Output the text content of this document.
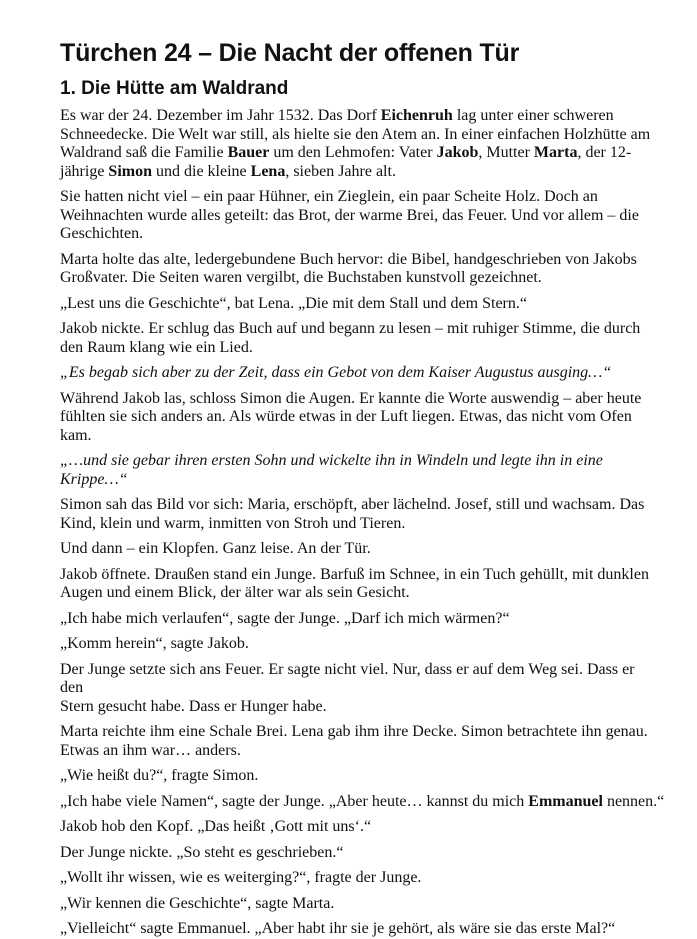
Türchen 24 – Die Nacht der offenen Tür
1. Die Hütte am Waldrand

Es war der 24. Dezember im Jahr 1532. Das Dorf Eichenruh lag unter einer schweren
Schneedecke. Die Welt war still, als hielte sie den Atem an. In einer einfachen Holzhütte am
Waldrand saß die Familie Bauer um den Lehmofen: Vater Jakob, Mutter Marta, der 12-
jährige Simon und die kleine Lena, sieben Jahre alt.

Sie hatten nicht viel – ein paar Hühner, ein Zieglein, ein paar Scheite Holz. Doch an
Weihnachten wurde alles geteilt: das Brot, der warme Brei, das Feuer. Und vor allem – die
Geschichten.

Marta holte das alte, ledergebundene Buch hervor: die Bibel, handgeschrieben von Jakobs
Großvater. Die Seiten waren vergilbt, die Buchstaben kunstvoll gezeichnet.

„Lest uns die Geschichte“, bat Lena. „Die mit dem Stall und dem Stern.“

Jakob nickte. Er schlug das Buch auf und begann zu lesen – mit ruhiger Stimme, die durch
den Raum klang wie ein Lied.

„Es begab sich aber zu der Zeit, dass ein Gebot von dem Kaiser Augustus ausging…“

Während Jakob las, schloss Simon die Augen. Er kannte die Worte auswendig – aber heute
fühlten sie sich anders an. Als würde etwas in der Luft liegen. Etwas, das nicht vom Ofen
kam.

„…und sie gebar ihren ersten Sohn und wickelte ihn in Windeln und legte ihn in eine
Krippe…“

Simon sah das Bild vor sich: Maria, erschöpft, aber lächelnd. Josef, still und wachsam. Das
Kind, klein und warm, inmitten von Stroh und Tieren.

Und dann – ein Klopfen. Ganz leise. An der Tür.

Jakob öffnete. Draußen stand ein Junge. Barfuß im Schnee, in ein Tuch gehüllt, mit dunklen
Augen und einem Blick, der älter war als sein Gesicht.

„Ich habe mich verlaufen“, sagte der Junge. „Darf ich mich wärmen?“

„Komm herein“, sagte Jakob.

Der Junge setzte sich ans Feuer. Er sagte nicht viel. Nur, dass er auf dem Weg sei. Dass er den
Stern gesucht habe. Dass er Hunger habe.

Marta reichte ihm eine Schale Brei. Lena gab ihm ihre Decke. Simon betrachtete ihn genau.
Etwas an ihm war… anders.

„Wie heißt du?“, fragte Simon.

„Ich habe viele Namen“, sagte der Junge. „Aber heute… kannst du mich Emmanuel nennen.“

Jakob hob den Kopf. „Das heißt ‚Gott mit uns‘.“

Der Junge nickte. „So steht es geschrieben.“

„Wollt ihr wissen, wie es weiterging?“, fragte der Junge.

„Wir kennen die Geschichte“, sagte Marta.

„Vielleicht“ sagte Emmanuel. „Aber habt ihr sie je gehört, als wäre sie das erste Mal?“
